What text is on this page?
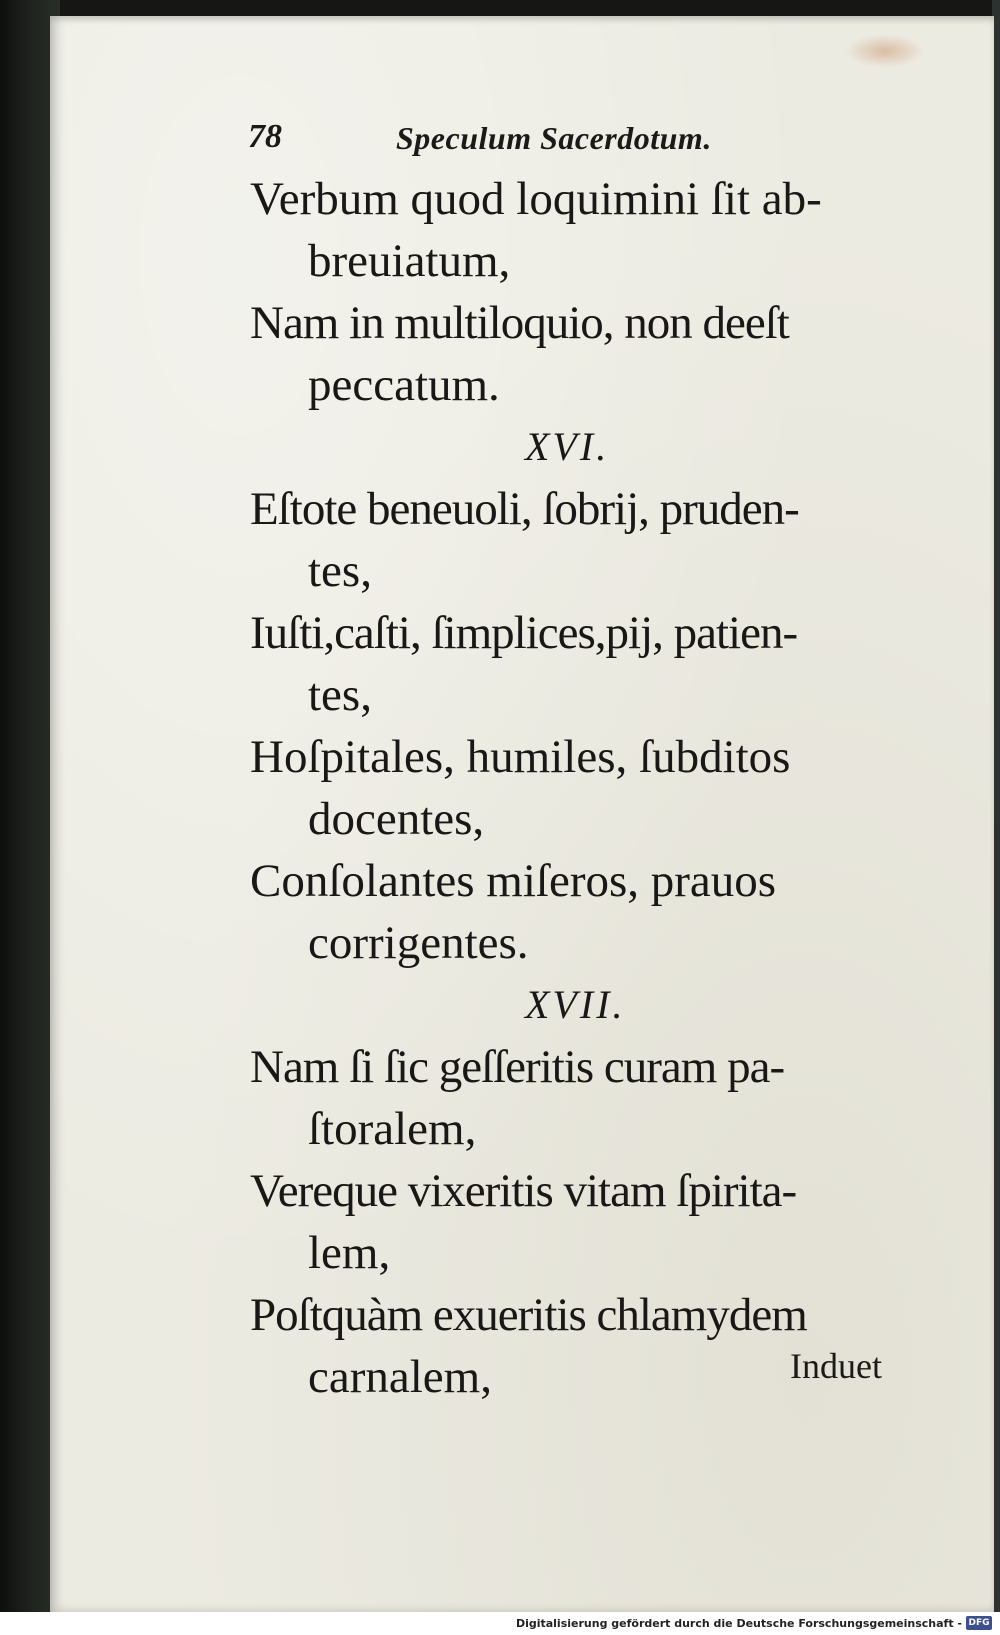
78	Speculum Sacerdotum.
Verbum quod loquimini ſit ab-
breuiatum,
Nam in multiloquio, non deeſt
peccatum.
XVI.
Eſtote beneuoli, ſobrij, pruden-
tes,
Iuſti,caſti, ſimplices,pij, patien-
tes,
Hoſpitales, humiles, ſubditos
docentes,
Conſolantes miſeros, prauos
corrigentes.
XVII.
Nam ſi ſic geſſeritis curam pa-
ſtoralem,
Vereque vixeritis vitam ſpirita-
lem,
Poſtquàm exueritis chlamydem
carnalem,	Induet
Digitalisierung gefördert durch die Deutsche Forschungsgemeinschaft - DFG
